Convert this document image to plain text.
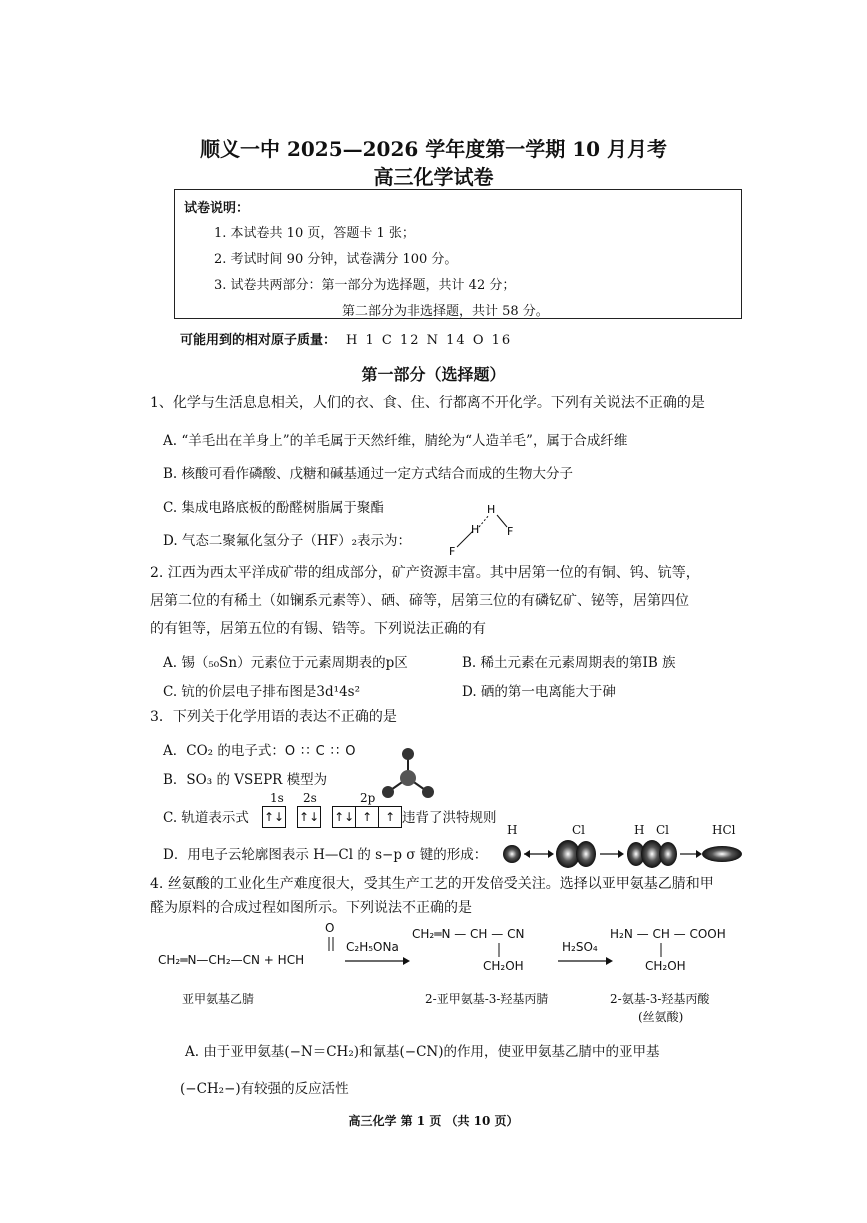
顺义一中 2025—2026 学年度第一学期 10 月月考
高三化学试卷
试卷说明：
1. 本试卷共 10 页，答题卡 1 张；
2. 考试时间 90 分钟，试卷满分 100 分。
3. 试卷共两部分：第一部分为选择题，共计 42 分；
第二部分为非选择题，共计 58 分。
可能用到的相对原子质量： H 1 C 12 N 14 O 16
第一部分（选择题）
1、化学与生活息息相关，人们的衣、食、住、行都离不开化学。下列有关说法不正确的是
A. “羊毛出在羊身上”的羊毛属于天然纤维，腈纶为“人造羊毛”，属于合成纤维
B. 核酸可看作磷酸、戊糖和碱基通过一定方式结合而成的生物大分子
C. 集成电路底板的酚醛树脂属于聚酯
D. 气态二聚氟化氢分子（HF）₂表示为：
F
H
H
F
2. 江西为西太平洋成矿带的组成部分，矿产资源丰富。其中居第一位的有铜、钨、钪等，
居第二位的有稀土（如镧系元素等）、硒、碲等，居第三位的有磷钇矿、铋等，居第四位
的有钽等，居第五位的有锡、锆等。下列说法正确的有
A. 锡（₅₀Sn）元素位于元素周期表的p区	B. 稀土元素在元素周期表的第ⅠB 族
C. 钪的价层电子排布图是3d¹4s²	D. 硒的第一电离能大于砷
3．下列关于化学用语的表达不正确的是
A．CO₂ 的电子式：O ∷ C ∷ O
B．SO₃ 的 VSEPR 模型为
C. 轨道表示式
1s 2s	2p
↑↓ ↑↓ ↑↓ ↑ ↑ 违背了洪特规则
D．用电子云轮廓图表示 H—Cl 的 s−p σ 键的形成：
H	Cl	H Cl	HCl
4. 丝氨酸的工业化生产难度很大，受其生产工艺的开发倍受关注。选择以亚甲氨基乙腈和甲
醛为原料的合成过程如图所示。下列说法不正确的是
CH₂═N—CH₂—CN + HCH
O
C₂H₅ONa
CH₂═N — CH — CN
CH₂OH
H₂SO₄
H₂N — CH — COOH
CH₂OH
亚甲氨基乙腈	2-亚甲氨基-3-羟基丙腈	2-氨基-3-羟基丙酸
(丝氨酸)
A. 由于亚甲氨基(−N＝CH₂)和氰基(−CN)的作用，使亚甲氨基乙腈中的亚甲基
(−CH₂−)有较强的反应活性
高三化学 第 1 页 （共 10 页）
